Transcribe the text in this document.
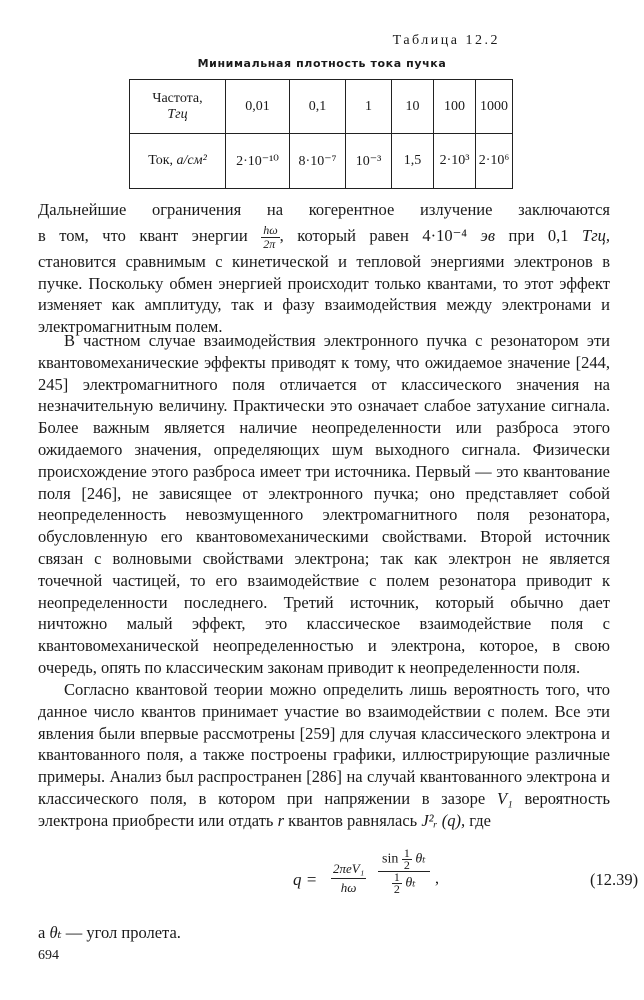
Таблица 12.2
Минимальная плотность тока пучка
Частота,
Тгц	0,01	0,1	1	10	100	1000
Ток, а/см²	2·10⁻¹⁰	8·10⁻⁷	10⁻³	1,5	2·10³	2·10⁶
Дальнейшие ограничения на когерентное излучение заключаются
в том, что квант энергии $\frac{h\omega}{2\pi}$ , который равен 4·10⁻⁴ эв при 0,1 Тгц,
становится сравнимым с кинетической и тепловой энергиями электронов в пучке. Поскольку обмен энергией происходит только квантами, то этот эффект изменяет как амплитуду, так и фазу взаимодействия между электронами и электромагнитным полем.

В частном случае взаимодействия электронного пучка с резонатором эти квантовомеханические эффекты приводят к тому, что ожидаемое значение [244, 245] электромагнитного поля отличается от классического значения на незначительную величину. Практически это означает слабое затухание сигнала. Более важным является наличие неопределенности или разброса этого ожидаемого значения, определяющих шум выходного сигнала. Физически происхождение этого разброса имеет три источника. Первый — это квантование поля [246], не зависящее от электронного пучка; оно представляет собой неопределенность невозмущенного электромагнитного поля резонатора, обусловленную его квантовомеханическими свойствами. Второй источник связан с волновыми свойствами электрона; так как электрон не является точечной частицей, то его взаимодействие с полем резонатора приводит к неопределенности последнего. Третий источник, который обычно дает ничтожно малый эффект, это классическое взаимодействие поля с квантовомеханической неопределенностью и электрона, которое, в свою очередь, опять по классическим законам приводит к неопределенности поля.

Согласно квантовой теории можно определить лишь вероятность того, что данное число квантов принимает участие во взаимодействии с полем. Все эти явления были впервые рассмотрены [259] для случая классического электрона и квантованного поля, а также построены графики, иллюстрирующие различные примеры. Анализ был распространен [286] на случай квантованного электрона и классического поля, в котором при напряжении в зазоре V₁ вероятность электрона приобрести или отдать r квантов равнялась J²ᵣ (q), где

q =
2πeV₁
hω	$\frac{\sin \frac{1}{2} \theta_t}{\frac{1}{2} \theta_t}$ ,	(12.39)
a θₜ — угол пролета.
694
